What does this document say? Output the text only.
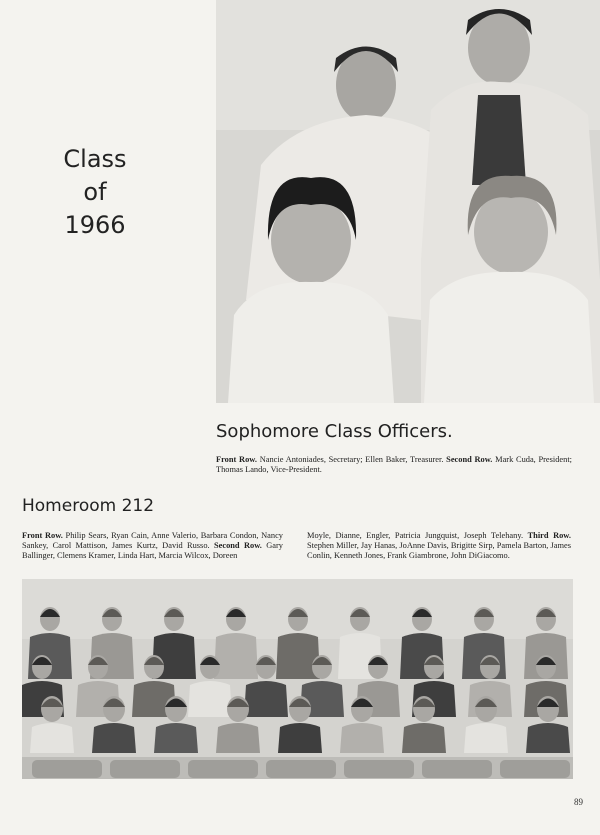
Class
of
1966
Sophomore Class Officers.
Front Row. Nancie Antoniades, Secretary; Ellen Baker, Treasurer. Second Row. Mark Cuda, President; Thomas Lando, Vice-President.
Homeroom 212
Front Row. Philip Sears, Ryan Cain, Anne Valerio, Barbara Condon, Nancy Sankey, Carol Mattison, James Kurtz, David Russo. Second Row. Gary Ballinger, Clemens Kramer, Linda Hart, Marcia Wilcox, Doreen
Moyle, Dianne, Engler, Patricia Jungquist, Joseph Telehany. Third Row. Stephen Miller, Jay Hanas, JoAnne Davis, Brigitte Sirp, Pamela Barton, James Conlin, Kenneth Jones, Frank Giambrone, John DiGiacomo.
89
